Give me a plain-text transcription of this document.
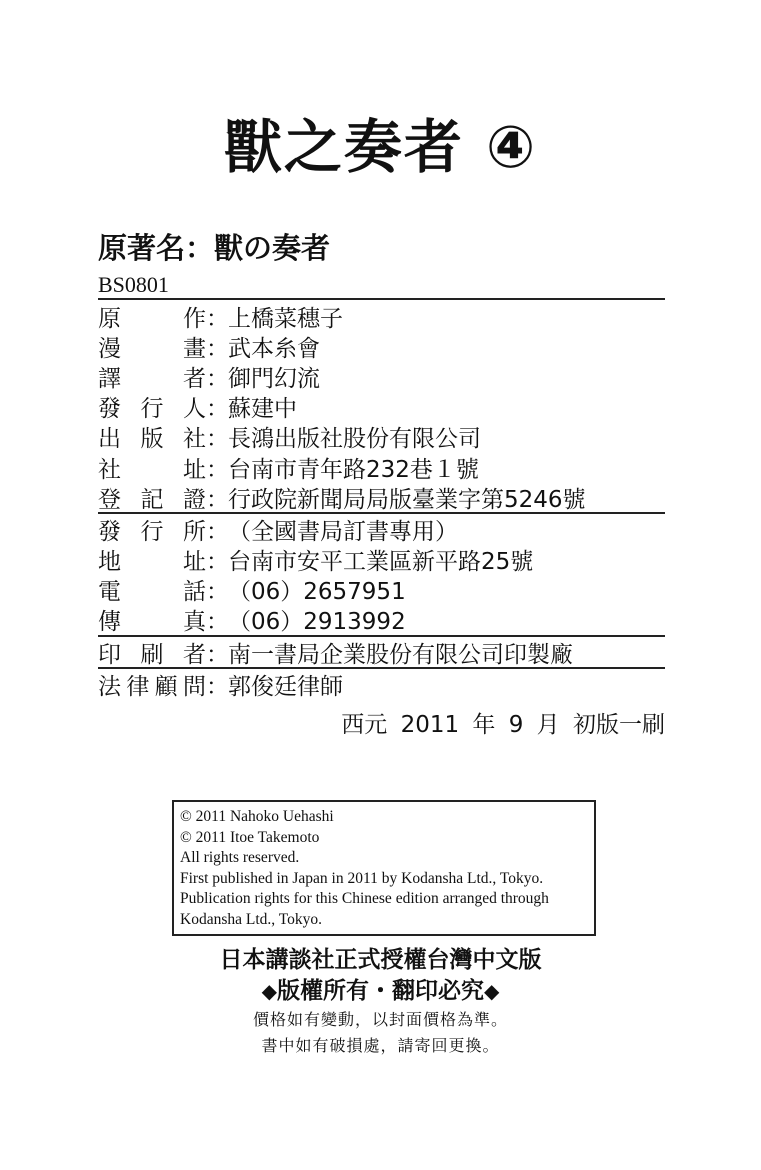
獸之奏者 ④
原著名：獸の奏者
BS0801
原	作 ： 上橋菜穗子
漫	畫 ： 武本糸會
譯	者 ： 御門幻流
發 行 人 ： 蘇建中
出 版 社 ： 長鴻出版社股份有限公司
社	址 ： 台南市青年路232巷１號
登 記 證 ： 行政院新聞局局版臺業字第5246號
發 行 所 ： （全國書局訂書專用）
地	址 ： 台南市安平工業區新平路25號
電	話 ： （06）2657951
傳	真 ： （06）2913992
印 刷 者 ： 南一書局企業股份有限公司印製廠
法 律 顧 問 ： 郭俊廷律師
西元 2011 年 9 月 初版一刷
© 2011 Nahoko Uehashi
© 2011 Itoe Takemoto
All rights reserved.
First published in Japan in 2011 by Kodansha Ltd., Tokyo.
Publication rights for this Chinese edition arranged through
Kodansha Ltd., Tokyo.
日本講談社正式授權台灣中文版
◆版權所有・翻印必究◆
價格如有變動，以封面價格為準。
書中如有破損處，請寄回更換。
